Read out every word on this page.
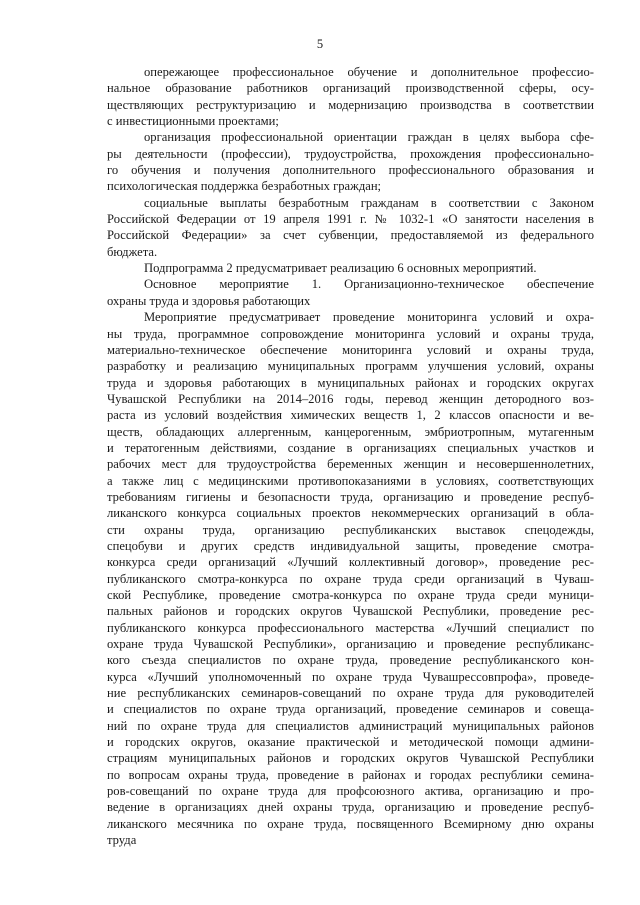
5
опережающее профессиональное обучение и дополнительное профессио-
нальное образование работников организаций производственной сферы, осу-
ществляющих реструктуризацию и модернизацию производства в соответствии
с инвестиционными проектами;
организация профессиональной ориентации граждан в целях выбора сфе-
ры деятельности (профессии), трудоустройства, прохождения профессионально-
го обучения и получения дополнительного профессионального образования и
психологическая поддержка безработных граждан;
социальные выплаты безработным гражданам в соответствии с Законом
Российской Федерации от 19 апреля 1991 г. № 1032-1 «О занятости населения в
Российской Федерации» за счет субвенции, предоставляемой из федерального
бюджета.
Подпрограмма 2 предусматривает реализацию 6 основных мероприятий.
Основное мероприятие 1. Организационно-техническое обеспечение
охраны труда и здоровья работающих
Мероприятие предусматривает проведение мониторинга условий и охра-
ны труда, программное сопровождение мониторинга условий и охраны труда,
материально-техническое обеспечение мониторинга условий и охраны труда,
разработку и реализацию муниципальных программ улучшения условий, охраны
труда и здоровья работающих в муниципальных районах и городских округах
Чувашской Республики на 2014–2016 годы, перевод женщин детородного воз-
раста из условий воздействия химических веществ 1, 2 классов опасности и ве-
ществ, обладающих аллергенным, канцерогенным, эмбриотропным, мутагенным
и тератогенным действиями, создание в организациях специальных участков и
рабочих мест для трудоустройства беременных женщин и несовершеннолетних,
а также лиц с медицинскими противопоказаниями в условиях, соответствующих
требованиям гигиены и безопасности труда, организацию и проведение респуб-
ликанского конкурса социальных проектов некоммерческих организаций в обла-
сти охраны труда, организацию республиканских выставок спецодежды,
спецобуви и других средств индивидуальной защиты, проведение смотра-
конкурса среди организаций «Лучший коллективный договор», проведение рес-
публиканского смотра-конкурса по охране труда среди организаций в Чуваш-
ской Республике, проведение смотра-конкурса по охране труда среди муници-
пальных районов и городских округов Чувашской Республики, проведение рес-
публиканского конкурса профессионального мастерства «Лучший специалист по
охране труда Чувашской Республики», организацию и проведение республиканс-
кого съезда специалистов по охране труда, проведение республиканского кон-
курса «Лучший уполномоченный по охране труда Чувашрессовпрофа», проведе-
ние республиканских семинаров-совещаний по охране труда для руководителей
и специалистов по охране труда организаций, проведение семинаров и совеща-
ний по охране труда для специалистов администраций муниципальных районов
и городских округов, оказание практической и методической помощи админи-
страциям муниципальных районов и городских округов Чувашской Республики
по вопросам охраны труда, проведение в районах и городах республики семина-
ров-совещаний по охране труда для профсоюзного актива, организацию и про-
ведение в организациях дней охраны труда, организацию и проведение респуб-
ликанского месячника по охране труда, посвященного Всемирному дню охраны
труда
